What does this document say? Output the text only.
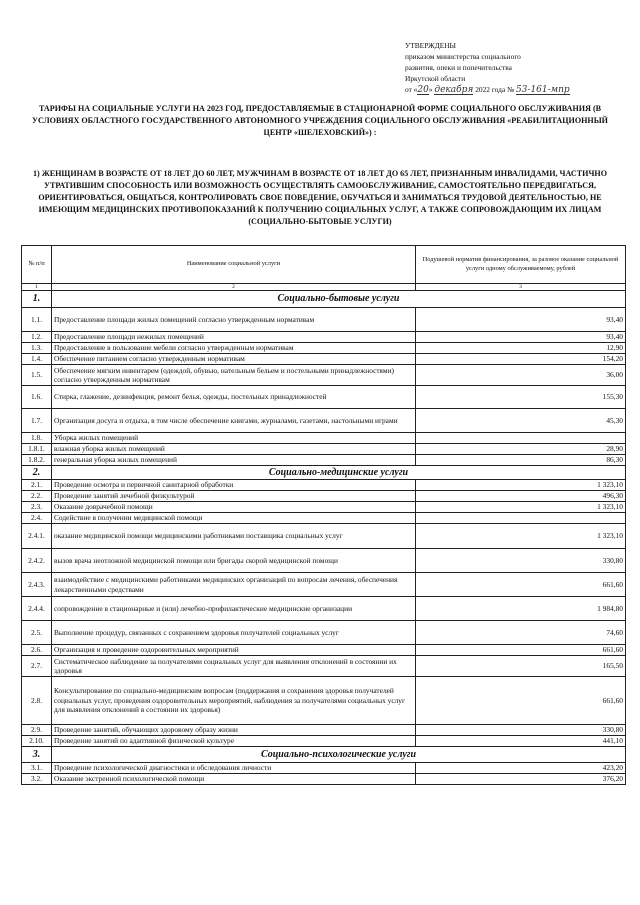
УТВЕРЖДЕНЫ
приказом министерства социального
развития, опеки и попечительства
Иркутской области
от «20» декабря 2022 года № 53-161-мпр
ТАРИФЫ НА СОЦИАЛЬНЫЕ УСЛУГИ НА 2023 ГОД, ПРЕДОСТАВЛЯЕМЫЕ В СТАЦИОНАРНОЙ ФОРМЕ СОЦИАЛЬНОГО ОБСЛУЖИВАНИЯ (В УСЛОВИЯХ ОБЛАСТНОГО ГОСУДАРСТВЕННОГО АВТОНОМНОГО УЧРЕЖДЕНИЯ СОЦИАЛЬНОГО ОБСЛУЖИВАНИЯ «РЕАБИЛИТАЦИОННЫЙ ЦЕНТР «ШЕЛЕХОВСКИЙ») :
1) ЖЕНЩИНАМ В ВОЗРАСТЕ ОТ 18 ЛЕТ ДО 60 ЛЕТ, МУЖЧИНАМ В ВОЗРАСТЕ ОТ 18 ЛЕТ ДО 65 ЛЕТ, ПРИЗНАННЫМ ИНВАЛИДАМИ, ЧАСТИЧНО УТРАТИВШИМ СПОСОБНОСТЬ ИЛИ ВОЗМОЖНОСТЬ ОСУЩЕСТВЛЯТЬ САМООБСЛУЖИВАНИЕ, САМОСТОЯТЕЛЬНО ПЕРЕДВИГАТЬСЯ, ОРИЕНТИРОВАТЬСЯ, ОБЩАТЬСЯ, КОНТРОЛИРОВАТЬ СВОЕ ПОВЕДЕНИЕ, ОБУЧАТЬСЯ И ЗАНИМАТЬСЯ ТРУДОВОЙ ДЕЯТЕЛЬНОСТЬЮ, НЕ ИМЕЮЩИМ МЕДИЦИНСКИХ ПРОТИВОПОКАЗАНИЙ К ПОЛУЧЕНИЮ СОЦИАЛЬНЫХ УСЛУГ, А ТАКЖЕ СОПРОВОЖДАЮЩИМ ИХ ЛИЦАМ (СОЦИАЛЬНО-БЫТОВЫЕ УСЛУГИ)
№ п/п	Наименование социальной услуги	Подушевой норматив финансирования, за разовое оказание социальной услуги одному обслуживаемому, рублей
1	2	3
1.	Социально-бытовые услуги	
1.1.	Предоставление площади жилых помещений согласно утвержденным нормативам	93,40
1.2.	Предоставление площади нежилых помещений	93,40
1.3.	Предоставление в пользование мебели согласно утвержденным нормативам	12,90
1.4.	Обеспечение питанием согласно утвержденным нормативам	154,20
1.5.	Обеспечение мягким инвентарем (одеждой, обувью, нательным бельем и постельными принадлежностями) согласно утвержденным нормативам	36,00
1.6.	Стирка, глажение, дезинфекция, ремонт белья, одежды, постельных принадлежностей	155,30
1.7.	Организация досуга и отдыха, в том числе обеспечение книгами, журналами, газетами, настольными играми	45,30
1.8.	Уборка жилых помещений	
1.8.1.	влажная уборка жилых помещений	28,90
1.8.2.	генеральная уборка жилых помещений	86,30
2.	Социально-медицинские услуги	
2.1.	Проведение осмотра и первичной санитарной обработки	1 323,10
2.2.	Проведение занятий лечебной физкультурой	496,30
2.3.	Оказание доврачебной помощи	1 323,10
2.4.	Содействие в получении медицинской помощи	
2.4.1.	оказание медицинской помощи медицинскими работниками поставщика социальных услуг	1 323,10
2.4.2.	вызов врача неотложной медицинской помощи или бригады скорой медицинской помощи	330,80
2.4.3.	взаимодействие с медицинскими работниками медицинских организаций по вопросам лечения, обеспечения лекарственными средствами	661,60
2.4.4.	сопровождение в стационарные и (или) лечебно-профилактические медицинские организации	1 984,80
2.5.	Выполнение процедур, связанных с сохранением здоровья получателей социальных услуг	74,60
2.6.	Организация и проведение оздоровительных мероприятий	661,60
2.7.	Систематическое наблюдение за получателями социальных услуг для выявления отклонений в состоянии их здоровья	165,50
2.8.	Консультирование по социально-медицинским вопросам (поддержания и сохранения здоровья получателей социальных услуг, проведения оздоровительных мероприятий, наблюдения за получателями социальных услуг для выявления отклонений в состоянии их здоровья)	661,60
2.9.	Проведение занятий, обучающих здоровому образу жизни	330,80
2.10.	Проведение занятий по адаптивной физической культуре	441,10
3.	Социально-психологические услуги	
3.1.	Проведение психологической диагностики и обследования личности	423,20
3.2.	Оказание экстренной психологической помощи	376,20
